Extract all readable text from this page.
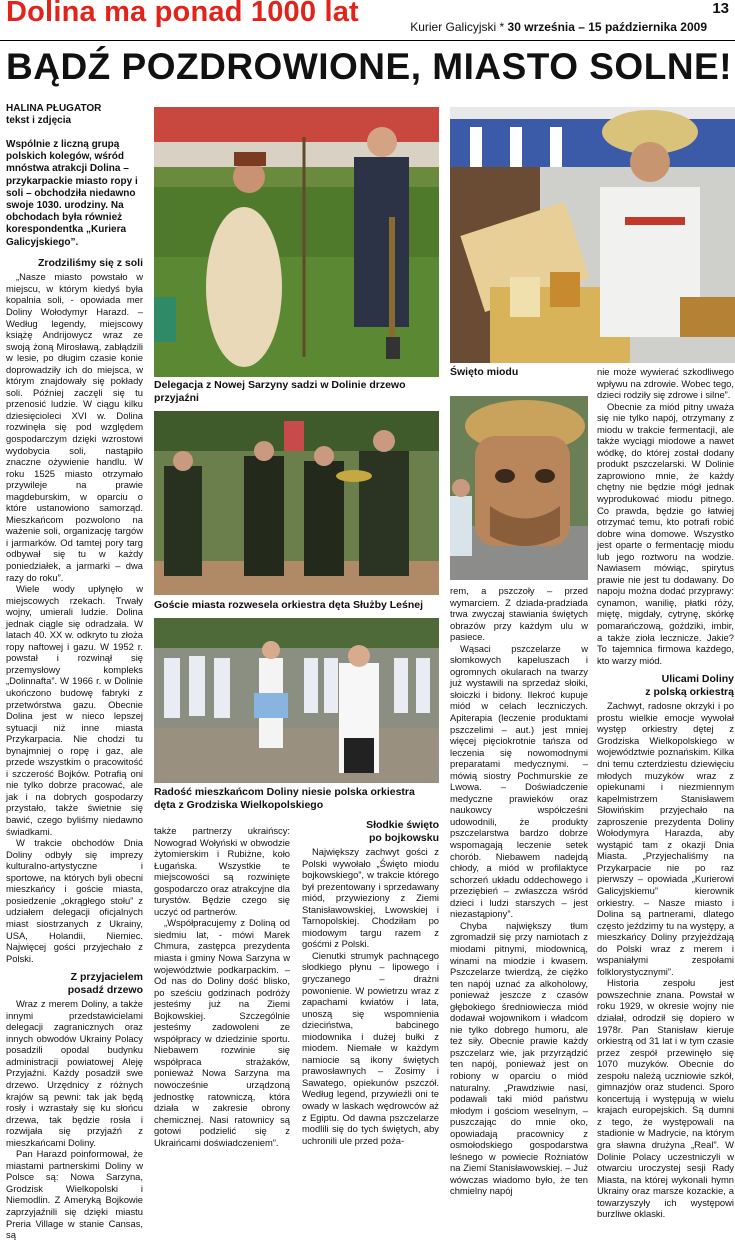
Dolina ma ponad 1000 lat	Kurier Galicyjski * 30 września – 15 października 2009
13
BĄDŹ POZDROWIONE, MIASTO SOLNE!
Delegacja z Nowej Sarzyny sadzi w Dolinie drzewo przyjaźni
Święto miodu
Goście miasta rozwesela orkiestra dęta Służby Leśnej
Radość mieszkańcom Doliny niesie polska orkiestra dęta z Grodziska Wielkopolskiego

HALINA PŁUGATOR

tekst i zdjęcia

Wspólnie z liczną grupą polskich kolegów, wśród mnóstwa atrakcji Dolina – przykarpackie miasto ropy i soli – obchodziła niedawno swoje 1030. urodziny. Na obchodach była również korespondentka „Kuriera Galicyjskiego”.

Zrodziliśmy się z soli

„Nasze miasto powstało w miejscu, w którym kiedyś była kopalnia soli, - opowiada mer Doliny Wołodymyr Harazd. – Według legendy, miejscowy książę Andrijowycz wraz ze swoją żoną Mirosławą, zabłądzili w lesie, po długim czasie konie doprowadziły ich do miejsca, w którym znajdowały się pokłady soli. Później zaczęli się tu przenosić ludzie. W ciągu kilku dziesięcioleci XVI w. Dolina rozwinęła się pod względem gospodarczym dzięki wzrostowi wydobycia soli, nastąpiło znaczne ożywienie handlu. W roku 1525 miasto otrzymało przywileje na prawie magdeburskim, w oparciu o które ustanowiono samorząd. Mieszkańcom pozwolono na ważenie soli, organizację targów i jarmarków. Od tamtej pory targ odbywał się tu w każdy poniedziałek, a jarmarki – dwa razy do roku”.

Wiele wody upłynęło w miejscowych rzekach. Trwały wojny, umierali ludzie. Dolina jednak ciągle się odradzała. W latach 40. XX w. odkryto tu złoża ropy naftowej i gazu. W 1952 r. powstał i rozwinął się przemysłowy kompleks „Dolinnafta”. W 1966 r. w Dolinie ukończono budowę fabryki z przetwórstwa gazu. Obecnie Dolina jest w nieco lepszej sytuacji niż inne miasta Przykarpacia. Nie chodzi tu bynajmniej o ropę i gaz, ale przede wszystkim o pracowitość i szczerość Bojków. Potrafią oni nie tylko dobrze pracować, ale jak i na dobrych gospodarzy przystało, także świetnie się bawić, czego byliśmy niedawno świadkami.

W trakcie obchodów Dnia Doliny odbyły się imprezy kulturalno-artystyczne i sportowe, na których byli obecni mieszkańcy i goście miasta, posiedzenie „okrągłego stołu” z udziałem delegacji oficjalnych miast siostrzanych z Ukrainy, USA, Holandii, Niemiec. Najwięcej gości przyjechało z Polski.

Z przyjacielem

posadź drzewo

Wraz z merem Doliny, a także innymi przedstawicielami delegacji zagranicznych oraz innych obwodów Ukrainy Polacy posadzili opodal budynku administracji powiatowej Aleję Przyjaźni. Każdy posadził swe drzewo. Urzędnicy z różnych krajów są pewni: tak jak będą rosły i wzrastały się ku słońcu drzewa, tak będzie rosła i rozwijała się przyjaźń z mieszkańcami Doliny.

Pan Harazd poinformował, że miastami partnerskimi Doliny w Polsce są: Nowa Sarzyna, Grodzisk Wielkopolski i Niemodlin. Z Ameryką Bojkowie zaprzyjaźnili się dzięki miastu Preria Village w stanie Cansas, są

także partnerzy ukraińscy: Nowograd Wołyński w obwodzie żytomierskim i Rubiżne, koło Ługańska. Wszystkie te miejscowości są rozwinięte gospodarczo oraz atrakcyjne dla turystów. Będzie czego się uczyć od partnerów.

„Współpracujemy z Doliną od siedmiu lat, - mówi Marek Chmura, zastępca prezydenta miasta i gminy Nowa Sarzyna w województwie podkarpackim. – Od nas do Doliny dość blisko, po sześciu godzinach podróży jesteśmy już na Ziemi Bojkowskiej. Szczególnie jesteśmy zadowoleni ze współpracy w dziedzinie sportu. Niebawem rozwinie się współpraca strażaków, ponieważ Nowa Sarzyna ma nowocześnie urządzoną jednostkę ratowniczą, która działa w zakresie obrony chemicznej. Nasi ratownicy są gotowi podzielić się z Ukraińcami doświadczeniem”.

Słodkie święto

po bojkowsku

Największy zachwyt gości z Polski wywołało „Święto miodu bojkowskiego”, w trakcie którego był prezentowany i sprzedawany miód, przywieziony z Ziemi Stanisławowskiej, Lwowskiej i Tarnopolskiej. Chodziłam po miodowym targu razem z gośćmi z Polski.

Cienutki strumyk pachnącego słodkiego płynu – lipowego i gryczanego – drażni powonienie. W powietrzu wraz z zapachami kwiatów i lata, unoszą się wspomnienia dzieciństwa, babcinego miodownika i dużej bułki z miodem. Niemałe w każdym namiocie są ikony świętych prawosławnych – Zosimy i Sawatego, opiekunów pszczół. Według legend, przywieźli oni te owady w laskach wędrowców aż z Egiptu. Od dawna pszczelarze modlili się do tych świętych, aby uchronili ule przed poża-

rem, a pszczoły – przed wymarciem. Z dziada-pradziada trwa zwyczaj stawiania świętych obrazów przy każdym ulu w pasiece.

Wąsaci pszczelarze w słomkowych kapeluszach i ogromnych okularach na twarzy już wystawili na sprzedaż słoiki, słoiczki i bidony. Ilekroć kupuje miód w celach leczniczych. Apiterapia (leczenie produktami pszczelimi – aut.) jest mniej więcej pięciokrotnie tańsza od leczenia się nowomodnymi preparatami medycznymi. – mówią siostry Pochmurskie ze Lwowa. – Doświadczenie medyczne prawieków oraz naukowcy współcześni udowodnili, że produkty pszczelarstwa bardzo dobrze wspomagają leczenie setek chorób. Niebawem nadejdą chłody, a miód w profilaktyce schorzeń układu oddechowego i przeziębień – zwłaszcza wśród dzieci i ludzi starszych – jest niezastąpiony”.

Chyba największy tłum zgromadził się przy namiotach z miodami pitnymi, miodownicą, winami na miodzie i kwasem. Pszczelarze twierdzą, że ciężko ten napój uznać za alkoholowy, ponieważ jeszcze z czasów głębokiego średniowiecza miód dodawał wojownikom i władcom nie tylko dobrego humoru, ale też siły. Obecnie prawie każdy pszczelarz wie, jak przyrządzić ten napój, ponieważ jest on robiony w oparciu o miód naturalny. „Prawdziwie nasi, podawali taki miód państwu młodym i gościom weselnym, – puszczając do mnie oko, opowiadają pracownicy z osmołodskiego gospodarstwa leśnego w powiecie Rożniatów na Ziemi Stanisławowskiej. – Już wówczas wiadomo było, że ten chmielny napój

nie może wywierać szkodliwego wpływu na zdrowie. Wobec tego, dzieci rodziły się zdrowe i silne”.

Obecnie za miód pitny uważa się nie tylko napój, otrzymany z miodu w trakcie fermentacji, ale także wyciągi miodowe a nawet wódkę, do której został dodany produkt pszczelarski. W Dolinie zaprowiono mnie, że każdy chętny nie będzie mógł jednak wyprodukować miodu pitnego. Co prawda, będzie go łatwiej otrzymać temu, kto potrafi robić dobre wina domowe. Wszystko jest oparte o fermentację miodu lub jego roztworu na wodzie. Nawiasem mówiąc, spirytus prawie nie jest tu dodawany. Do napoju można dodać przyprawy: cynamon, wanilię, płatki róży, miętę, migdały, cytrynę, skórkę pomarańczową, goździki, imbir, a także zioła lecznicze. Jakie? To tajemnica firmowa każdego, kto warzy miód.

Ulicami Doliny

z polską orkiestrą

Zachwyt, radosne okrzyki i po prostu wielkie emocje wywołał występ orkiestry dętej z Grodziska Wielkopolskiego w województwie poznańskim. Kilka dni temu czterdziestu dziewięciu młodych muzyków wraz z opiekunami i niezmiennym kapelmistrzem Stanisławem Słowińskim przyjechało na zaproszenie prezydenta Doliny Wołodymyra Harazda, aby wystąpić tam z okazji Dnia Miasta. „Przyjechaliśmy na Przykarpacie nie po raz pierwszy – opowiada „Kurierowi Galicyjskiemu” kierownik orkiestry. – Nasze miasto i Dolina są partnerami, dlatego często jeździmy tu na występy, a mieszkańcy Doliny przyjeżdżają do Polski wraz z merem i wspaniałymi zespołami folklorystycznymi”.

Historia zespołu jest powszechnie znana. Powstał w roku 1929, w okresie wojny nie działał, odrodził się dopiero w 1978r. Pan Stanisław kieruje orkiestrą od 31 lat i w tym czasie przez zespół przewinęło się 1070 muzyków. Obecnie do zespołu należą uczniowie szkół, gimnazjów oraz studenci. Sporo koncertują i występują w wielu krajach europejskich. Są dumni z tego, że występowali na stadionie w Madrycie, na którym gra sławna drużyna „Real”. W Dolinie Polacy uczestniczyli w otwarciu uroczystej sesji Rady Miasta, na której wykonali hymn Ukrainy oraz marsze kozackie, a towarzyszyły ich występowi burzliwe oklaski.
